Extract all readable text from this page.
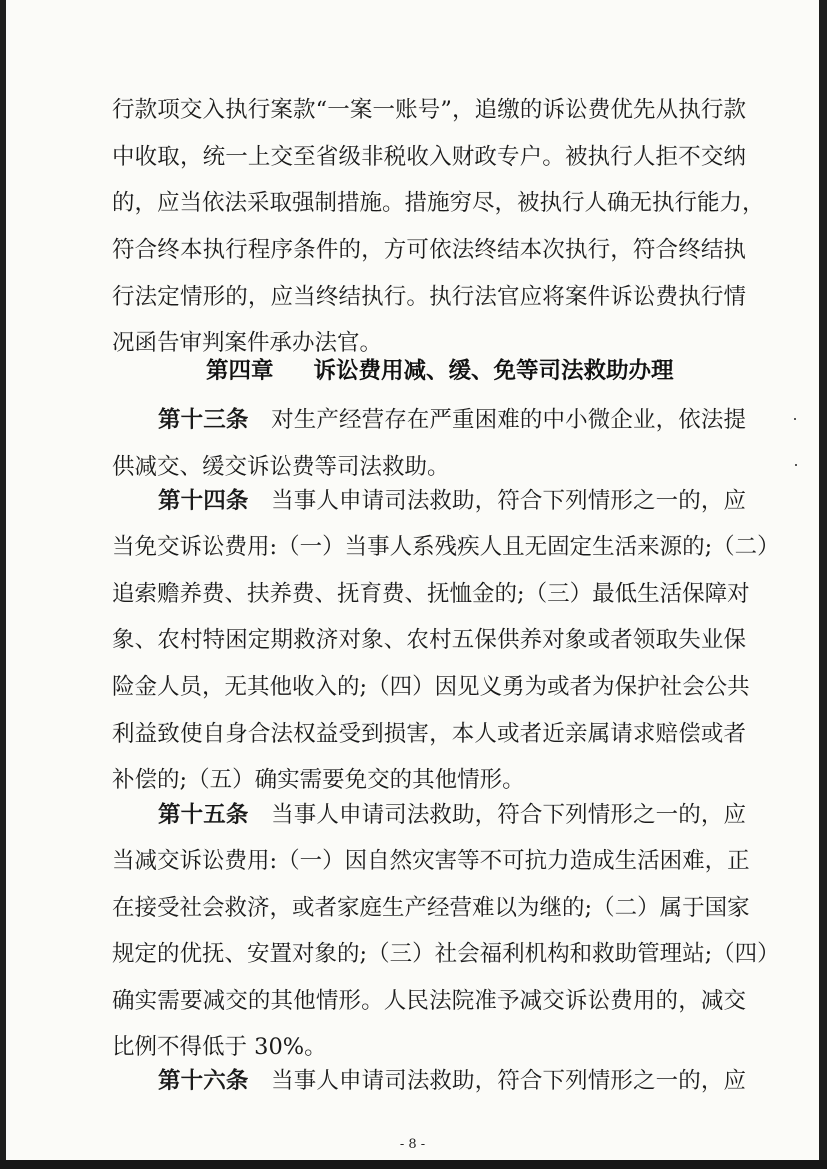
行款项交入执行案款“一案一账号”，追缴的诉讼费优先从执行款
中收取，统一上交至省级非税收入财政专户。被执行人拒不交纳
的，应当依法采取强制措施。措施穷尽，被执行人确无执行能力，
符合终本执行程序条件的，方可依法终结本次执行，符合终结执
行法定情形的，应当终结执行。执行法官应将案件诉讼费执行情
况函告审判案件承办法官。
第四章 诉讼费用减、缓、免等司法救助办理
第十三条　 对生产经营存在严重困难的中小微企业，依法提
供减交、缓交诉讼费等司法救助。
第十四条　 当事人申请司法救助，符合下列情形之一的，应
当免交诉讼费用:（一）当事人系残疾人且无固定生活来源的;（二）
追索赡养费、扶养费、抚育费、抚恤金的;（三）最低生活保障对
象、农村特困定期救济对象、农村五保供养对象或者领取失业保
险金人员，无其他收入的;（四）因见义勇为或者为保护社会公共
利益致使自身合法权益受到损害，本人或者近亲属请求赔偿或者
补偿的;（五）确实需要免交的其他情形。
第十五条　 当事人申请司法救助，符合下列情形之一的，应
当减交诉讼费用:（一）因自然灾害等不可抗力造成生活困难，正
在接受社会救济，或者家庭生产经营难以为继的;（二）属于国家
规定的优抚、安置对象的;（三）社会福利机构和救助管理站;（四）
确实需要减交的其他情形。人民法院准予减交诉讼费用的，减交
比例不得低于 30%。
第十六条　 当事人申请司法救助，符合下列情形之一的，应
- 8 -
